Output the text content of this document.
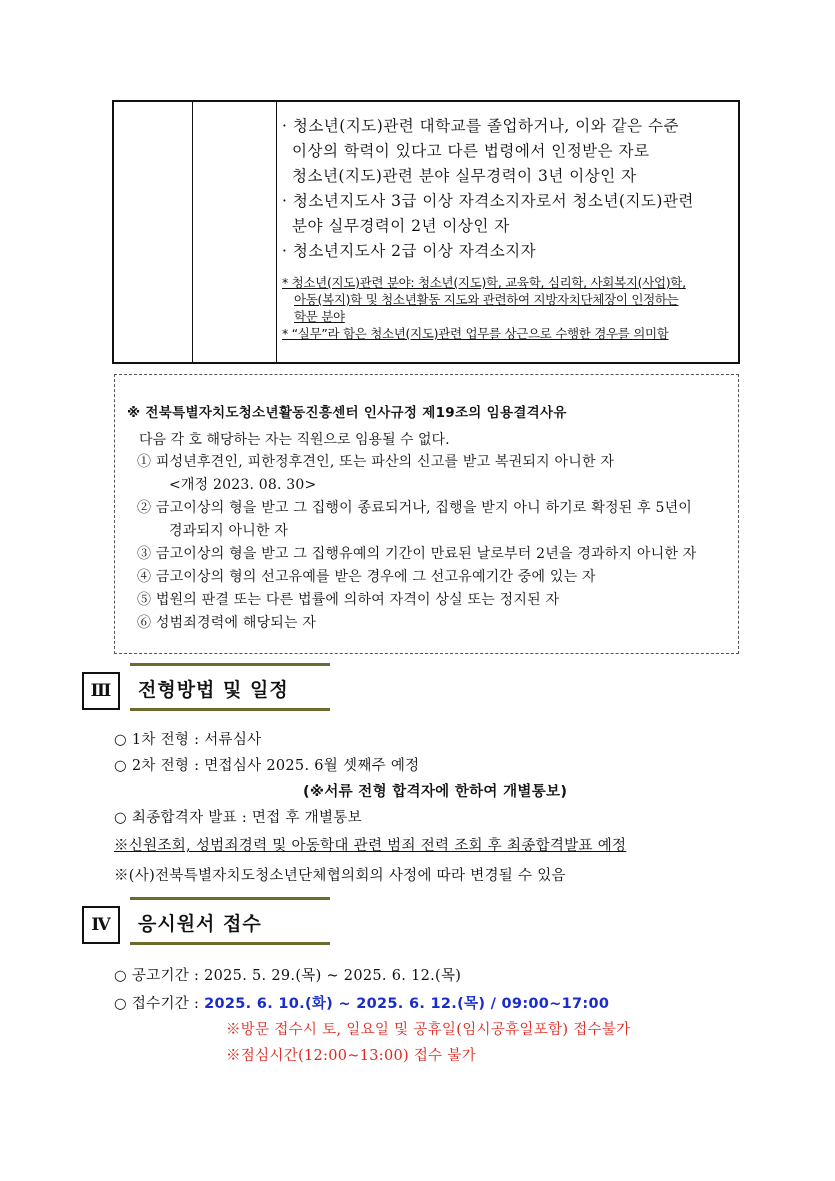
· 청소년(지도)관련 대학교를 졸업하거나, 이와 같은 수준
이상의 학력이 있다고 다른 법령에서 인정받은 자로
청소년(지도)관련 분야 실무경력이 3년 이상인 자
· 청소년지도사 3급 이상 자격소지자로서 청소년(지도)관련
분야 실무경력이 2년 이상인 자
· 청소년지도사 2급 이상 자격소지자
* 청소년(지도)관련 분야: 청소년(지도)학, 교육학, 심리학, 사회복지(사업)학,
아동(복지)학 및 청소년활동 지도와 관련하여 지방자치단체장이 인정하는
학문 분야
* “실무”라 함은 청소년(지도)관련 업무를 상근으로 수행한 경우를 의미함
※ 전북특별자치도청소년활동진흥센터 인사규정 제19조의 임용결격사유
다음 각 호 해당하는 자는 직원으로 임용될 수 없다.
① 피성년후견인, 피한정후견인, 또는 파산의 신고를 받고 복권되지 아니한 자
<개정 2023. 08. 30>
② 금고이상의 형을 받고 그 집행이 종료되거나, 집행을 받지 아니 하기로 확정된 후 5년이
경과되지 아니한 자
③ 금고이상의 형을 받고 그 집행유예의 기간이 만료된 날로부터 2년을 경과하지 아니한 자
④ 금고이상의 형의 선고유예를 받은 경우에 그 선고유예기간 중에 있는 자
⑤ 법원의 판결 또는 다른 법률에 의하여 자격이 상실 또는 정지된 자
⑥ 성범죄경력에 해당되는 자
Ⅲ	전형방법 및 일정
○ 1차 전형 : 서류심사
○ 2차 전형 : 면접심사 2025. 6월 셋째주 예정
(※서류 전형 합격자에 한하여 개별통보)
○ 최종합격자 발표 : 면접 후 개별통보
※신원조회, 성범죄경력 및 아동학대 관련 범죄 전력 조회 후 최종합격발표 예정
※(사)전북특별자치도청소년단체협의회의 사정에 따라 변경될 수 있음
Ⅳ	응시원서 접수
○ 공고기간 : 2025. 5. 29.(목) ~ 2025. 6. 12.(목)
○ 접수기간 : 2025. 6. 10.(화) ~ 2025. 6. 12.(목) / 09:00~17:00
※방문 접수시 토, 일요일 및 공휴일(임시공휴일포함) 접수불가
※점심시간(12:00~13:00) 접수 불가
